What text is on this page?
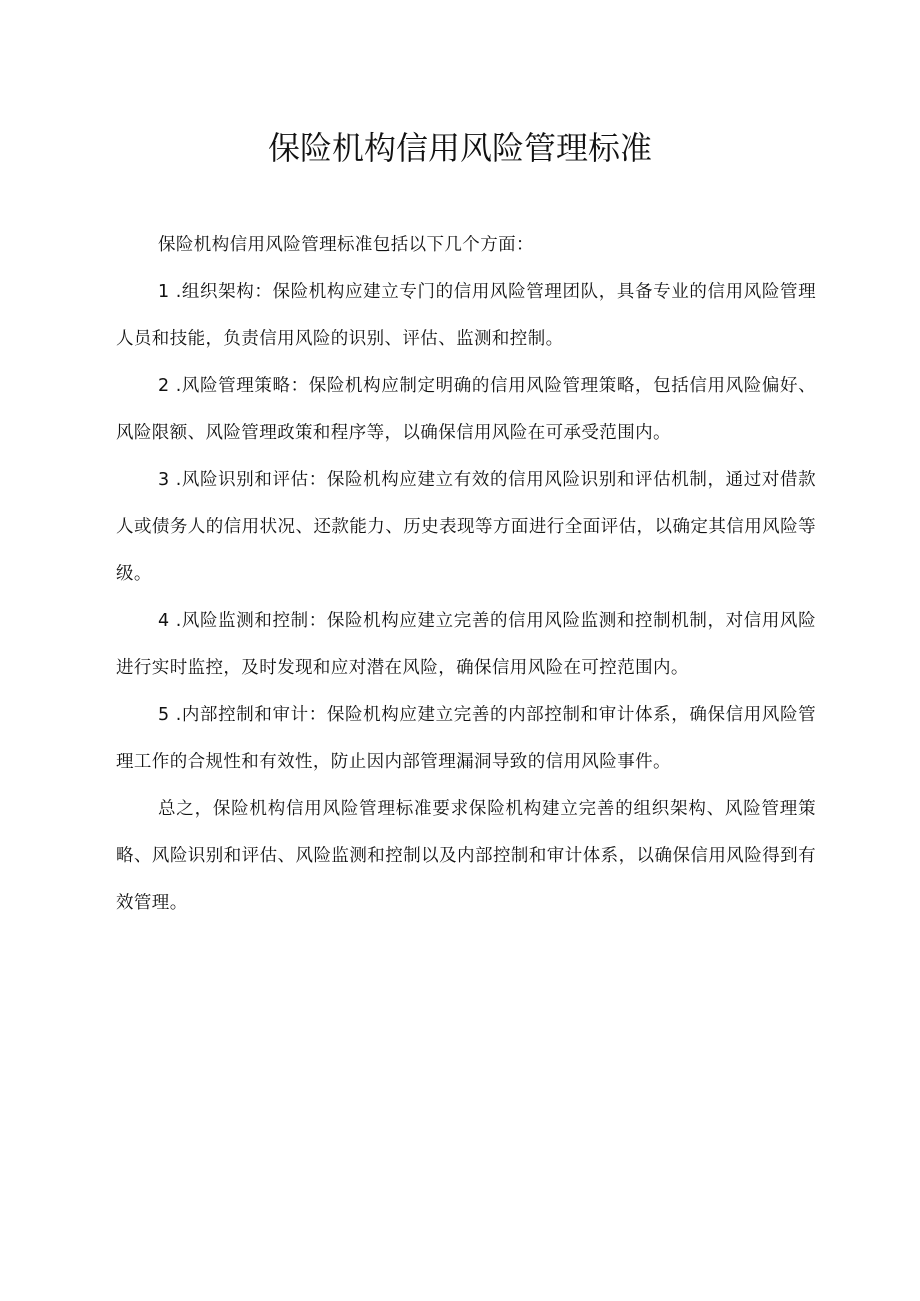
保险机构信用风险管理标准

保险机构信用风险管理标准包括以下几个方面：

1 .组织架构：保险机构应建立专门的信用风险管理团队，具备专业的信用风险管理人员和技能，负责信用风险的识别、评估、监测和控制。

2 .风险管理策略：保险机构应制定明确的信用风险管理策略，包括信用风险偏好、风险限额、风险管理政策和程序等，以确保信用风险在可承受范围内。

3 .风险识别和评估：保险机构应建立有效的信用风险识别和评估机制，通过对借款人或债务人的信用状况、还款能力、历史表现等方面进行全面评估，以确定其信用风险等级。

4 .风险监测和控制：保险机构应建立完善的信用风险监测和控制机制，对信用风险进行实时监控，及时发现和应对潜在风险，确保信用风险在可控范围内。

5 .内部控制和审计：保险机构应建立完善的内部控制和审计体系，确保信用风险管理工作的合规性和有效性，防止因内部管理漏洞导致的信用风险事件。

总之，保险机构信用风险管理标准要求保险机构建立完善的组织架构、风险管理策略、风险识别和评估、风险监测和控制以及内部控制和审计体系，以确保信用风险得到有效管理。
